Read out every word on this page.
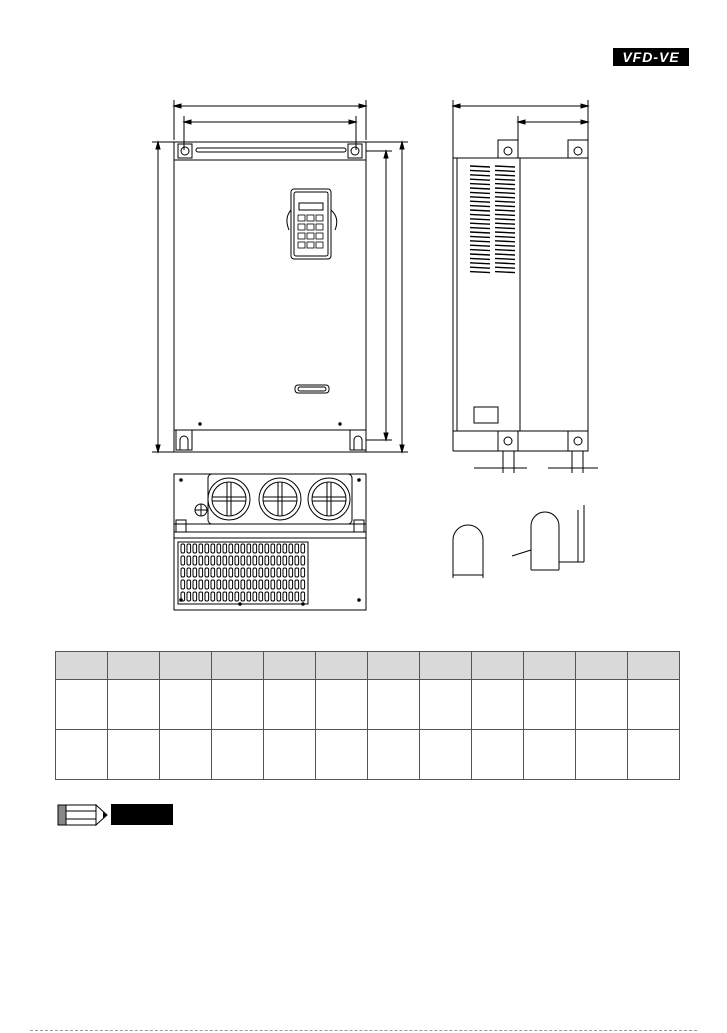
VFD-VE
